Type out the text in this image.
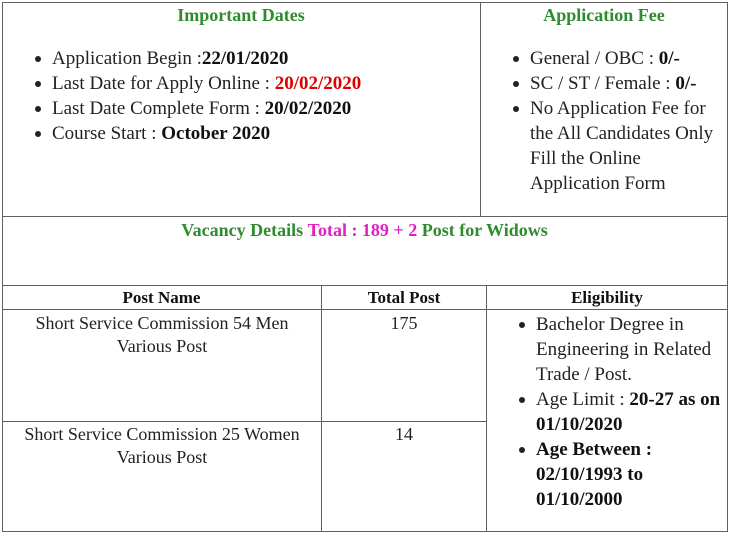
Important Dates
Application Begin :22/01/2020
Last Date for Apply Online : 20/02/2020
Last Date Complete Form : 20/02/2020
Course Start : October 2020
Application Fee
General / OBC : 0/-
SC / ST / Female : 0/-
No Application Fee for the All Candidates Only Fill the Online Application Form
Vacancy Details Total : 189 + 2 Post for Widows
Post Name	Total Post	Eligibility
Short Service Commission 54 Men Various Post
175
Short Service Commission 25 Women Various Post
14
Bachelor Degree in Engineering in Related Trade / Post.
Age Limit : 20-27 as on 01/10/2020
Age Between : 02/10/1993 to 01/10/2000
